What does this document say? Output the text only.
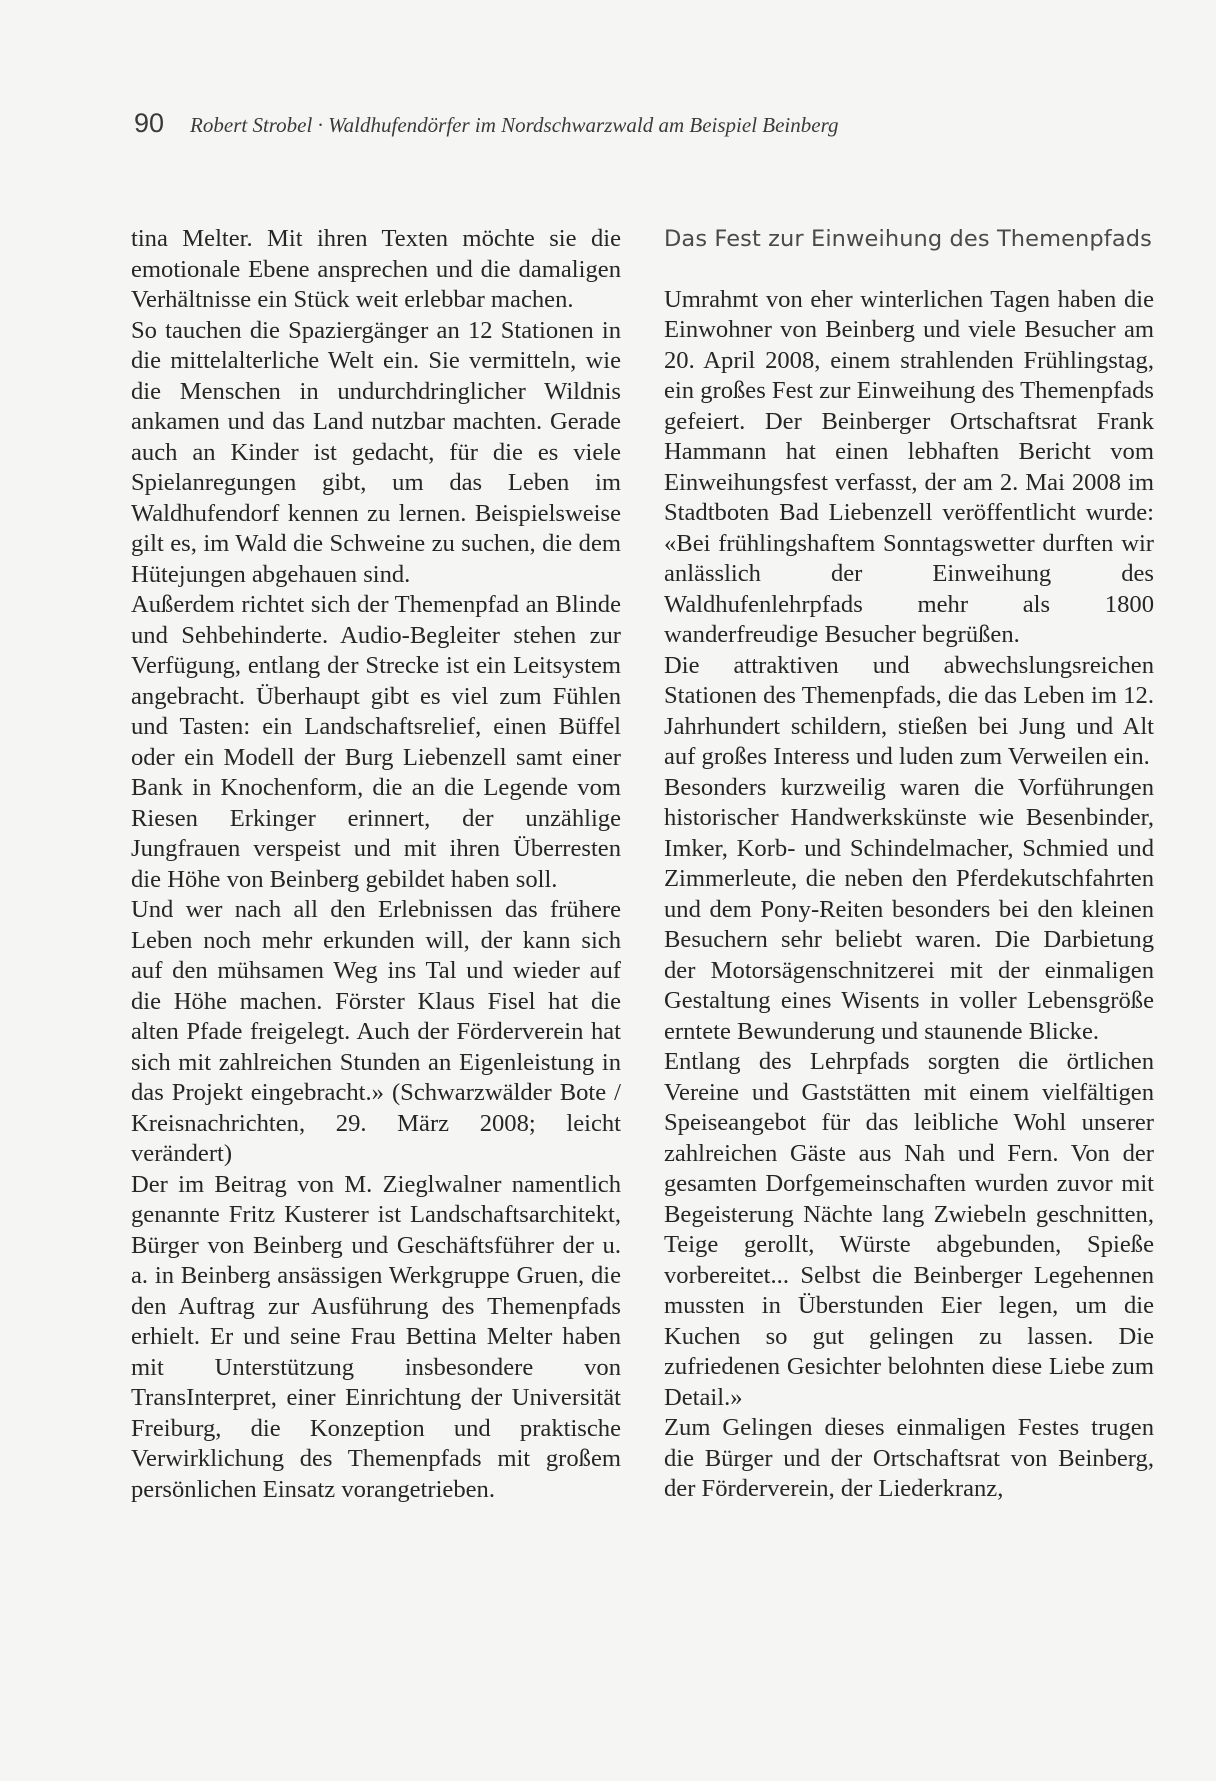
90 Robert Strobel · Waldhufendörfer im Nordschwarzwald am Beispiel Beinberg

tina Melter. Mit ihren Texten möchte sie die emotionale Ebene ansprechen und die damaligen Verhältnisse ein Stück weit erlebbar machen.

So tauchen die Spaziergänger an 12 Stationen in die mittelalterliche Welt ein. Sie vermitteln, wie die Menschen in undurchdringlicher Wildnis ankamen und das Land nutzbar machten. Gerade auch an Kinder ist gedacht, für die es viele Spielanregungen gibt, um das Leben im Waldhufendorf kennen zu lernen. Beispielsweise gilt es, im Wald die Schweine zu suchen, die dem Hütejungen abgehauen sind.

Außerdem richtet sich der Themenpfad an Blinde und Sehbehinderte. Audio-Begleiter stehen zur Verfügung, entlang der Strecke ist ein Leitsystem angebracht. Überhaupt gibt es viel zum Fühlen und Tasten: ein Landschaftsrelief, einen Büffel oder ein Modell der Burg Liebenzell samt einer Bank in Knochenform, die an die Legende vom Riesen Erkinger erinnert, der unzählige Jungfrauen verspeist und mit ihren Überresten die Höhe von Beinberg gebildet haben soll.

Und wer nach all den Erlebnissen das frühere Leben noch mehr erkunden will, der kann sich auf den mühsamen Weg ins Tal und wieder auf die Höhe machen. Förster Klaus Fisel hat die alten Pfade freigelegt. Auch der Förderverein hat sich mit zahlreichen Stunden an Eigenleistung in das Projekt eingebracht.» (Schwarzwälder Bote / Kreisnachrichten, 29. März 2008; leicht verändert)

Der im Beitrag von M. Zieglwalner namentlich genannte Fritz Kusterer ist Landschaftsarchitekt, Bürger von Beinberg und Geschäftsführer der u. a. in Beinberg ansässigen Werkgruppe Gruen, die den Auftrag zur Ausführung des Themenpfads erhielt. Er und seine Frau Bettina Melter haben mit Unterstützung insbesondere von TransInterpret, einer Einrichtung der Universität Freiburg, die Konzeption und praktische Verwirklichung des Themenpfads mit großem persönlichen Einsatz vorangetrieben.

Das Fest zur Einweihung des Themenpfads

Umrahmt von eher winterlichen Tagen haben die Einwohner von Beinberg und viele Besucher am 20. April 2008, einem strahlenden Frühlingstag, ein großes Fest zur Einweihung des Themenpfads gefeiert. Der Beinberger Ortschaftsrat Frank Hammann hat einen lebhaften Bericht vom Einweihungsfest verfasst, der am 2. Mai 2008 im Stadtboten Bad Liebenzell veröffentlicht wurde: «Bei frühlingshaftem Sonntagswetter durften wir anlässlich der Einweihung des Waldhufenlehrpfads mehr als 1800 wanderfreudige Besucher begrüßen.

Die attraktiven und abwechslungsreichen Stationen des Themenpfads, die das Leben im 12. Jahrhundert schildern, stießen bei Jung und Alt auf großes Interess und luden zum Verweilen ein.

Besonders kurzweilig waren die Vorführungen historischer Handwerkskünste wie Besenbinder, Imker, Korb- und Schindelmacher, Schmied und Zimmerleute, die neben den Pferdekutschfahrten und dem Pony-Reiten besonders bei den kleinen Besuchern sehr beliebt waren. Die Darbietung der Motorsägenschnitzerei mit der einmaligen Gestaltung eines Wisents in voller Lebensgröße erntete Bewunderung und staunende Blicke.

Entlang des Lehrpfads sorgten die örtlichen Vereine und Gaststätten mit einem vielfältigen Speiseangebot für das leibliche Wohl unserer zahlreichen Gäste aus Nah und Fern. Von der gesamten Dorfgemeinschaften wurden zuvor mit Begeisterung Nächte lang Zwiebeln geschnitten, Teige gerollt, Würste abgebunden, Spieße vorbereitet... Selbst die Beinberger Legehennen mussten in Überstunden Eier legen, um die Kuchen so gut gelingen zu lassen. Die zufriedenen Gesichter belohnten diese Liebe zum Detail.»

Zum Gelingen dieses einmaligen Festes trugen die Bürger und der Ortschaftsrat von Beinberg, der Förderverein, der Liederkranz,
